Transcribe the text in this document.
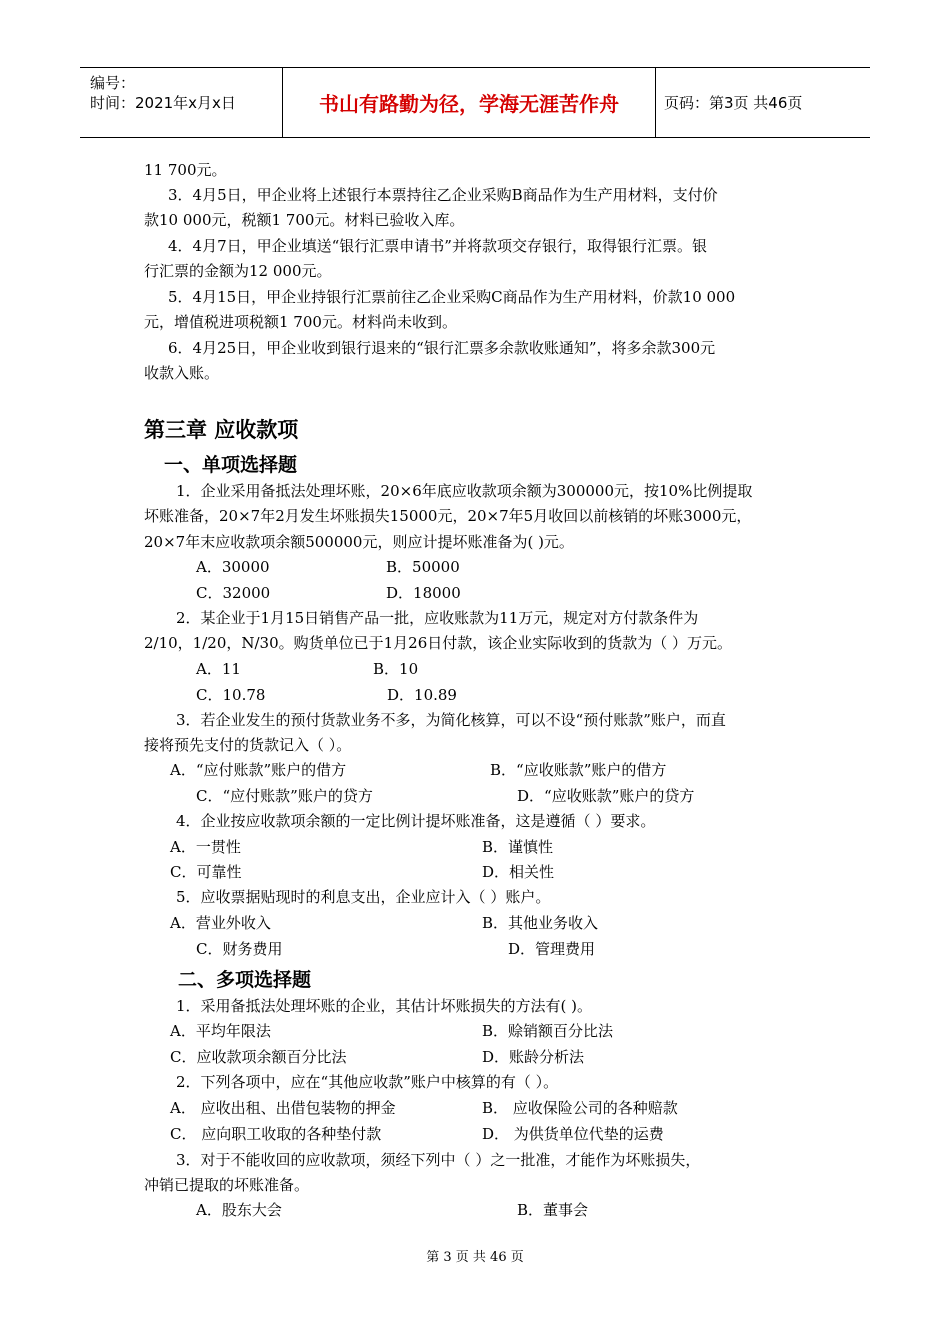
编号：
时间：2021年x月x日	书山有路勤为径，学海无涯苦作舟	页码：第3页 共46页
11 700元。
3．4月5日，甲企业将上述银行本票持往乙企业采购B商品作为生产用材料，支付价
款10 000元，税额1 700元。材料已验收入库。
4．4月7日，甲企业填送“银行汇票申请书”并将款项交存银行，取得银行汇票。银
行汇票的金额为12 000元。
5．4月15日，甲企业持银行汇票前往乙企业采购C商品作为生产用材料，价款10 000
元，增值税进项税额1 700元。材料尚未收到。
6．4月25日，甲企业收到银行退来的“银行汇票多余款收账通知”，将多余款300元
收款入账。
第三章 应收款项
一、单项选择题
1．企业采用备抵法处理坏账，20×6年底应收款项余额为300000元，按10%比例提取
坏账准备，20×7年2月发生坏账损失15000元，20×7年5月收回以前核销的坏账3000元，
20×7年末应收款项余额500000元，则应计提坏账准备为( )元。
A．30000	B．50000
C．32000	D．18000
2．某企业于1月15日销售产品一批，应收账款为11万元，规定对方付款条件为
2/10，1/20，N/30。购货单位已于1月26日付款，该企业实际收到的货款为（ ）万元。
A．11	B．10
C．10.78	D．10.89
3．若企业发生的预付货款业务不多，为简化核算，可以不设“预付账款”账户，而直
接将预先支付的货款记入（ ）。
A．“应付账款”账户的借方	B．“应收账款”账户的借方
C．“应付账款”账户的贷方	D．“应收账款”账户的贷方
4．企业按应收款项余额的一定比例计提坏账准备，这是遵循（ ）要求。
A．一贯性	B．谨慎性
C．可靠性	D．相关性
5．应收票据贴现时的利息支出，企业应计入（ ）账户。
A．营业外收入	B．其他业务收入
C．财务费用	D．管理费用
二、多项选择题
1．采用备抵法处理坏账的企业，其估计坏账损失的方法有( )。
A．平均年限法	B．赊销额百分比法
C．应收款项余额百分比法	D．账龄分析法
2．下列各项中，应在“其他应收款”账户中核算的有（ ）。
A． 应收出租、出借包装物的押金	B． 应收保险公司的各种赔款
C． 应向职工收取的各种垫付款	D． 为供货单位代垫的运费
3．对于不能收回的应收款项，须经下列中（ ）之一批准，才能作为坏账损失，
冲销已提取的坏账准备。
A．股东大会	B．董事会
第 3 页 共 46 页
